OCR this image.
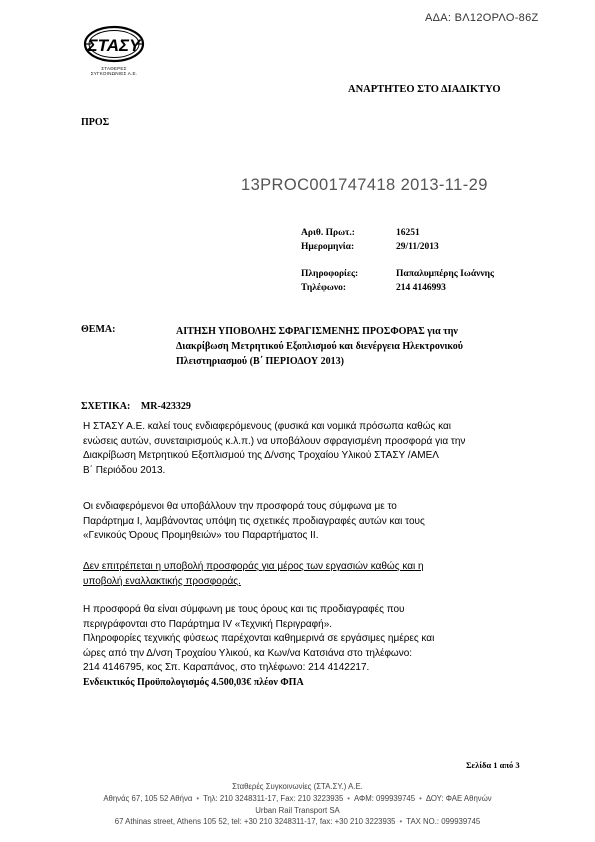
ΑΔΑ: ΒΛ12ΟΡΛΟ-86Ζ
ΣΤΑΣΥ
ΣΤΑΘΕΡΕΣ ΣΥΓΚΟΙΝΩΝΙΕΣ Α.Ε.
ΑΝΑΡΤΗΤΕΟ ΣΤΟ ΔΙΑΔΙΚΤΥΟ
ΠΡΟΣ
13PROC001747418 2013-11-29
Αριθ. Πρωτ.:	16251
Ημερομηνία:	29/11/2013
Πληροφορίες:	Παπαλυμπέρης Ιωάννης
Τηλέφωνο:	214 4146993
ΘΕΜΑ:	ΑΙΤΗΣΗ ΥΠΟΒΟΛΗΣ ΣΦΡΑΓΙΣΜΕΝΗΣ ΠΡΟΣΦΟΡΑΣ για την
Διακρίβωση Μετρητικού Εξοπλισμού και διενέργεια Ηλεκτρονικού
Πλειστηριασμού (Β΄ ΠΕΡΙΟΔΟΥ 2013)
ΣΧΕΤΙΚΑ: MR-423329
Η ΣΤΑΣΥ Α.Ε. καλεί τους ενδιαφερόμενους (φυσικά και νομικά πρόσωπα καθώς και
ενώσεις αυτών, συνεταιρισμούς κ.λ.π.) να υποβάλουν σφραγισμένη προσφορά για την
Διακρίβωση Μετρητικού Εξοπλισμού της Δ/νσης Τροχαίου Υλικού ΣΤΑΣΥ /ΑΜΕΛ
Β΄ Περιόδου 2013.
Οι ενδιαφερόμενοι θα υποβάλλουν την προσφορά τους σύμφωνα με το
Παράρτημα Ι, λαμβάνοντας υπόψη τις σχετικές προδιαγραφές αυτών και τους
«Γενικούς Όρους Προμηθειών» του Παραρτήματος ΙΙ.
Δεν επιτρέπεται η υποβολή προσφοράς για μέρος των εργασιών καθώς και η
υποβολή εναλλακτικής προσφοράς.
Η προσφορά θα είναι σύμφωνη με τους όρους και τις προδιαγραφές που
περιγράφονται στο Παράρτημα IV «Τεχνική Περιγραφή».
Πληροφορίες τεχνικής φύσεως παρέχονται καθημερινά σε εργάσιμες ημέρες και
ώρες από την Δ/νση Τροχαίου Υλικού, κα Κων/να Κατσιάνα στο τηλέφωνο:
214 4146795, κος Σπ. Καραπάνος, στο τηλέφωνο: 214 4142217.
Ενδεικτικός Προϋπολογισμός 4.500,03€ πλέον ΦΠΑ
Σελίδα 1 από 3
Σταθερές Συγκοινωνίες (ΣΤΑ.ΣΥ.) Α.Ε.
Αθηνάς 67, 105 52 Αθήνα • Τηλ: 210 3248311-17, Fax: 210 3223935 • ΑΦΜ: 099939745 • ΔΟΥ: ΦΑΕ Αθηνών
Urban Rail Transport SA
67 Athinas street, Athens 105 52, tel: +30 210 3248311-17, fax: +30 210 3223935 • TAX NO.: 099939745
